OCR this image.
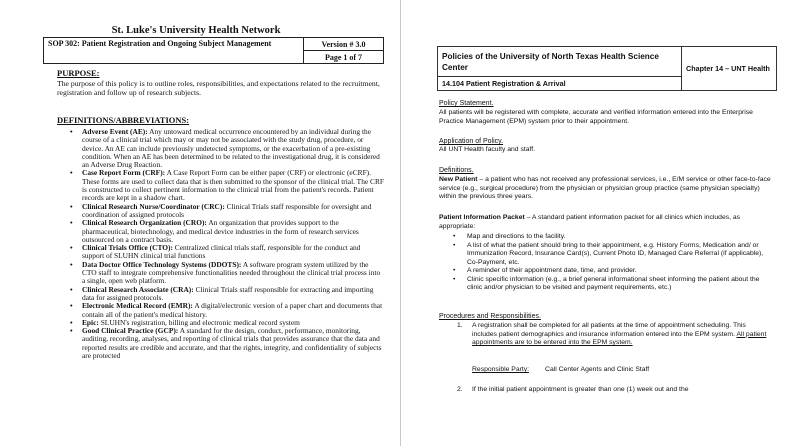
St. Luke's University Health Network
SOP 302: Patient Registration and Ongoing Subject Management	Version # 3.0
Page 1 of 7
PURPOSE:
The purpose of this policy is to outline roles, responsibilities, and expectations related to the recruitment, registration and follow up of research subjects.
DEFINITIONS/ABBREVIATIONS:
• Adverse Event (AE): Any untoward medical occurrence encountered by an individual during the course of a clinical trial which may or may not be associated with the study drug, procedure, or device. An AE can include previously undetected symptoms, or the exacerbation of a pre-existing condition. When an AE has been determined to be related to the investigational drug, it is considered an Adverse Drug Reaction.
• Case Report Form (CRF): A Case Report Form can be either paper (CRF) or electronic (eCRF). These forms are used to collect data that is then submitted to the sponsor of the clinical trial. The CRF is constructed to collect pertinent information to the clinical trial from the patient's records. Patient records are kept in a shadow chart.
• Clinical Research Nurse/Coordinator (CRC): Clinical Trials staff responsible for oversight and coordination of assigned protocols
• Clinical Research Organization (CRO): An organization that provides support to the pharmaceutical, biotechnology, and medical device industries in the form of research services outsourced on a contract basis.
• Clinical Trials Office (CTO): Centralized clinical trials staff, responsible for the conduct and support of SLUHN clinical trial functions
• Data Doctor Office Technology Systems (DDOTS): A software program system utilized by the CTO staff to integrate comprehensive functionalities needed throughout the clinical trial process into a single, open web platform.
• Clinical Research Associate (CRA): Clinical Trials staff responsible for extracting and importing data for assigned protocols.
• Electronic Medical Record (EMR): A digital/electronic version of a paper chart and documents that contain all of the patient's medical history.
• Epic: SLUHN's registration, billing and electronic medical record system
• Good Clinical Practice (GCP): A standard for the design, conduct, performance, monitoring, auditing, recording, analyses, and reporting of clinical trials that provides assurance that the data and reported results are credible and accurate, and that the rights, integrity, and confidentiality of subjects are protected
Policies of the University of North Texas Health Science Center	Chapter 14 – UNT Health
14.104 Patient Registration & Arrival
Policy Statement.
All patients will be registered with complete, accurate and verified information entered into the Enterprise Practice Management (EPM) system prior to their appointment.
Application of Policy.
All UNT Health faculty and staff.
Definitions.
New Patient – a patient who has not received any professional services, i.e., E/M service or other face-to-face service (e.g., surgical procedure) from the physician or physician group practice (same physician specialty) within the previous three years.
Patient Information Packet – A standard patient information packet for all clinics which includes, as appropriate:
• Map and directions to the facility.
• A list of what the patient should bring to their appointment, e.g. History Forms, Medication and/ or Immunization Record, Insurance Card(s), Current Photo ID, Managed Care Referral (if applicable), Co-Payment, etc.
• A reminder of their appointment date, time, and provider.
• Clinic specific information (e.g., a brief general informational sheet informing the patient about the clinic and/or physician to be visited and payment requirements, etc.)
Procedures and Responsibilities.
1. A registration shall be completed for all patients at the time of appointment scheduling. This includes patient demographics and insurance information entered into the EPM system. All patient appointments are to be entered into the EPM system.
Responsible Party: Call Center Agents and Clinic Staff
2. If the initial patient appointment is greater than one (1) week out and the
